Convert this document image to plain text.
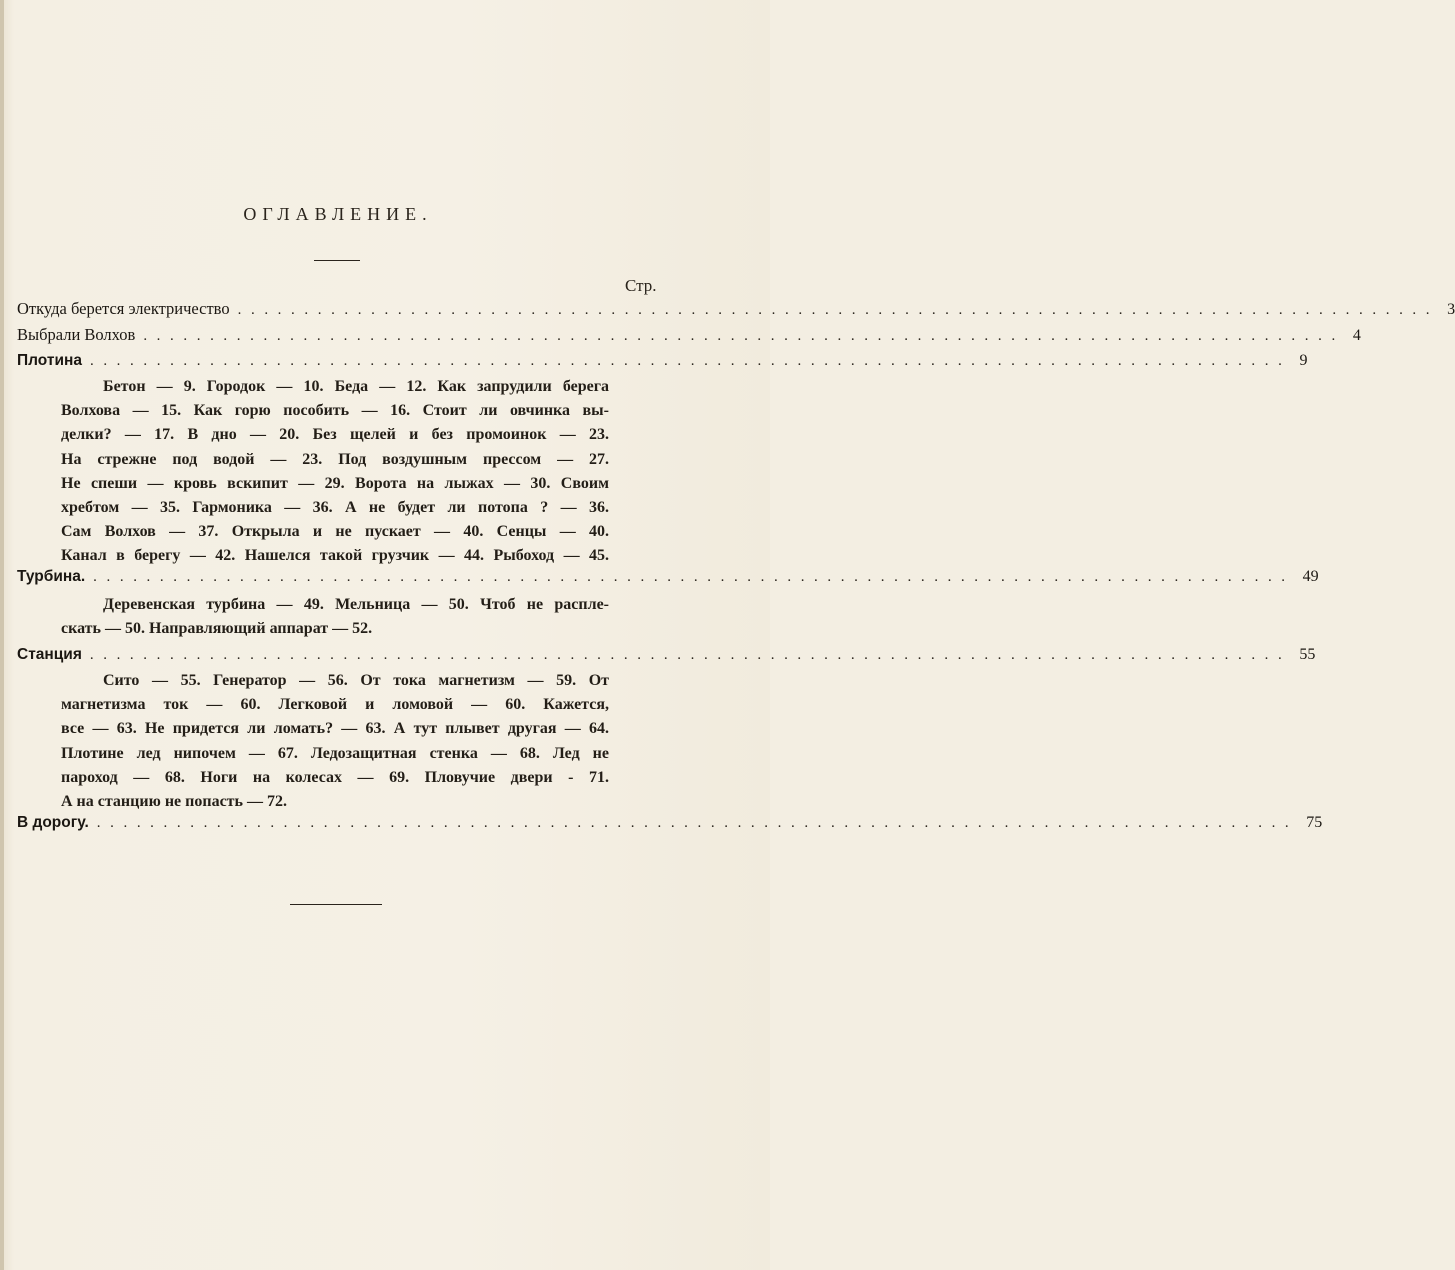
ОГЛАВЛЕНИЕ.
Стр.
Откуда берется электричество .......................................................................................... 3
Выбрали Волхов .......................................................................................... 4
Плотина .......................................................................................... 9
Бетон — 9. Городок — 10. Беда — 12. Как запрудили берега
Волхова — 15. Как горю пособить — 16. Стоит ли овчинка вы-
делки? — 17. В дно — 20. Без щелей и без промоинок — 23.
На стрежне под водой — 23. Под воздушным прессом — 27.
Не спеши — кровь вскипит — 29. Ворота на лыжах — 30. Своим
хребтом — 35. Гармоника — 36. А не будет ли потопа ? — 36.
Сам Волхов — 37. Открыла и не пускает — 40. Сенцы — 40.
Канал в берегу — 42. Нашелся такой грузчик — 44. Рыбоход — 45.
Турбина. .......................................................................................... 49
Деревенская турбина — 49. Мельница — 50. Чтоб не распле-
скать — 50. Направляющий аппарат — 52.
Станция .......................................................................................... 55
Сито — 55. Генератор — 56. От тока магнетизм — 59. От
магнетизма ток — 60. Легковой и ломовой — 60. Кажется,
все — 63. Не придется ли ломать? — 63. А тут плывет другая — 64.
Плотине лед нипочем — 67. Ледозащитная стенка — 68. Лед не
пароход — 68. Ноги на колесах — 69. Пловучие двери - 71.
А на станцию не попасть — 72.
В дорогу. .......................................................................................... 75
